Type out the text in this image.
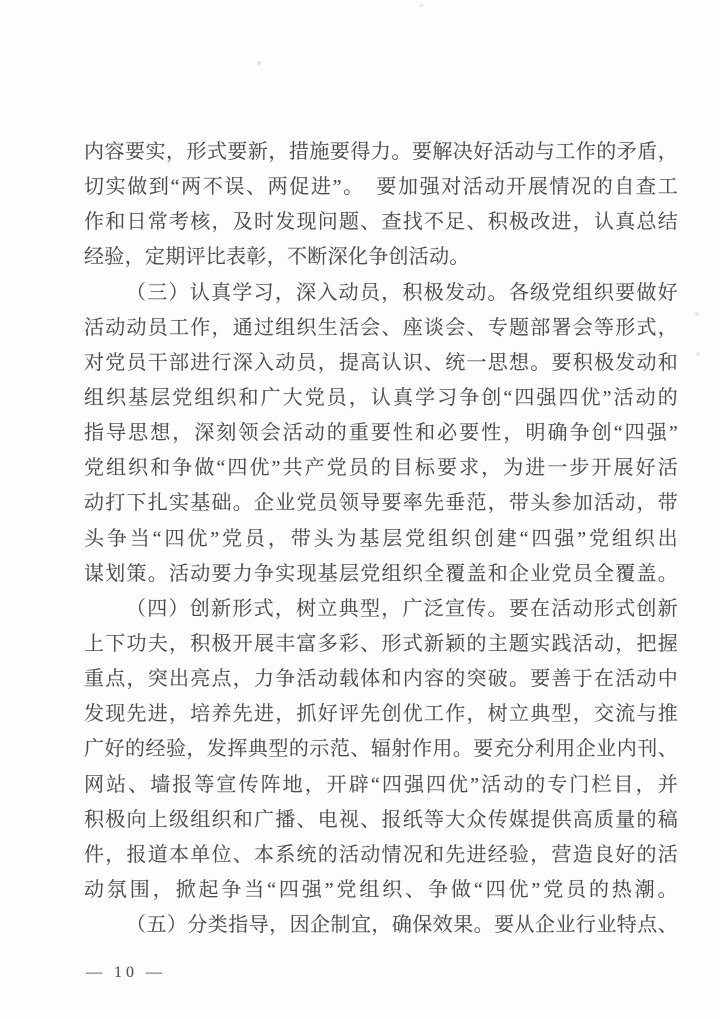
内容要实，形式要新，措施要得力。要解决好活动与工作的矛盾，
切实做到“两不误、两促进”。　要加强对活动开展情况的自查工
作和日常考核，及时发现问题、查找不足、积极改进，认真总结
经验，定期评比表彰，不断深化争创活动。
（三）认真学习，深入动员，积极发动。各级党组织要做好
活动动员工作，通过组织生活会、座谈会、专题部署会等形式，
对党员干部进行深入动员，提高认识、统一思想。要积极发动和
组织基层党组织和广大党员，认真学习争创“四强四优”活动的
指导思想，深刻领会活动的重要性和必要性，明确争创“四强”
党组织和争做“四优”共产党员的目标要求，为进一步开展好活
动打下扎实基础。企业党员领导要率先垂范，带头参加活动，带
头争当“四优”党员，带头为基层党组织创建“四强”党组织出
谋划策。活动要力争实现基层党组织全覆盖和企业党员全覆盖。
（四）创新形式，树立典型，广泛宣传。要在活动形式创新
上下功夫，积极开展丰富多彩、形式新颖的主题实践活动，把握
重点，突出亮点，力争活动载体和内容的突破。要善于在活动中
发现先进，培养先进，抓好评先创优工作，树立典型，交流与推
广好的经验，发挥典型的示范、辐射作用。要充分利用企业内刊、
网站、墙报等宣传阵地，开辟“四强四优”活动的专门栏目，并
积极向上级组织和广播、电视、报纸等大众传媒提供高质量的稿
件，报道本单位、本系统的活动情况和先进经验，营造良好的活
动氛围，掀起争当“四强”党组织、争做“四优”党员的热潮。
（五）分类指导，因企制宜，确保效果。要从企业行业特点、
— 10 —
